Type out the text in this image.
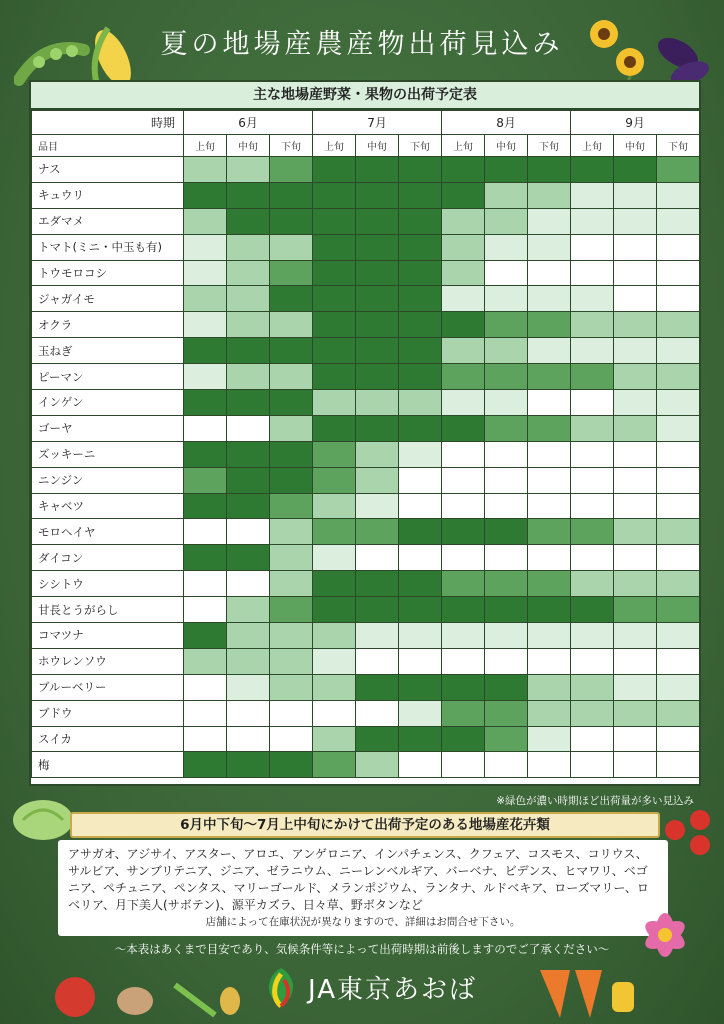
夏の地場産農産物出荷見込み
主な地場産野菜・果物の出荷予定表
時期	6月			7月			8月			9月		
品目	上旬	中旬	下旬	上旬	中旬	下旬	上旬	中旬	下旬	上旬	中旬	下旬
ナス												
キュウリ												
エダマメ												
トマト(ミニ・中玉も有)												
トウモロコシ												
ジャガイモ												
オクラ												
玉ねぎ												
ピーマン												
インゲン												
ゴーヤ												
ズッキーニ												
ニンジン												
キャベツ												
モロヘイヤ												
ダイコン												
シシトウ												
甘長とうがらし												
コマツナ												
ホウレンソウ												
ブルーベリー												
ブドウ												
スイカ												
梅												
※緑色が濃い時期ほど出荷量が多い見込み
6月中下旬～7月上中旬にかけて出荷予定のある地場産花卉類
アサガオ、アジサイ、アスター、アロエ、アンゲロニア、インパチェンス、クフェア、コスモス、コリウス、サルビア、サンブリテニア、ジニア、ゼラニウム、ニーレンベルギア、バーベナ、ビデンス、ヒマワリ、ベゴニア、ペチュニア、ペンタス、マリーゴールド、メランポジウム、ランタナ、ルドベキア、ローズマリー、ロベリア、月下美人(サボテン)、源平カズラ、日々草、野ボタンなど
店舗によって在庫状況が異なりますので、詳細はお問合せ下さい。
～本表はあくまで目安であり、気候条件等によって出荷時期は前後しますのでご了承ください～
JA東京あおば
